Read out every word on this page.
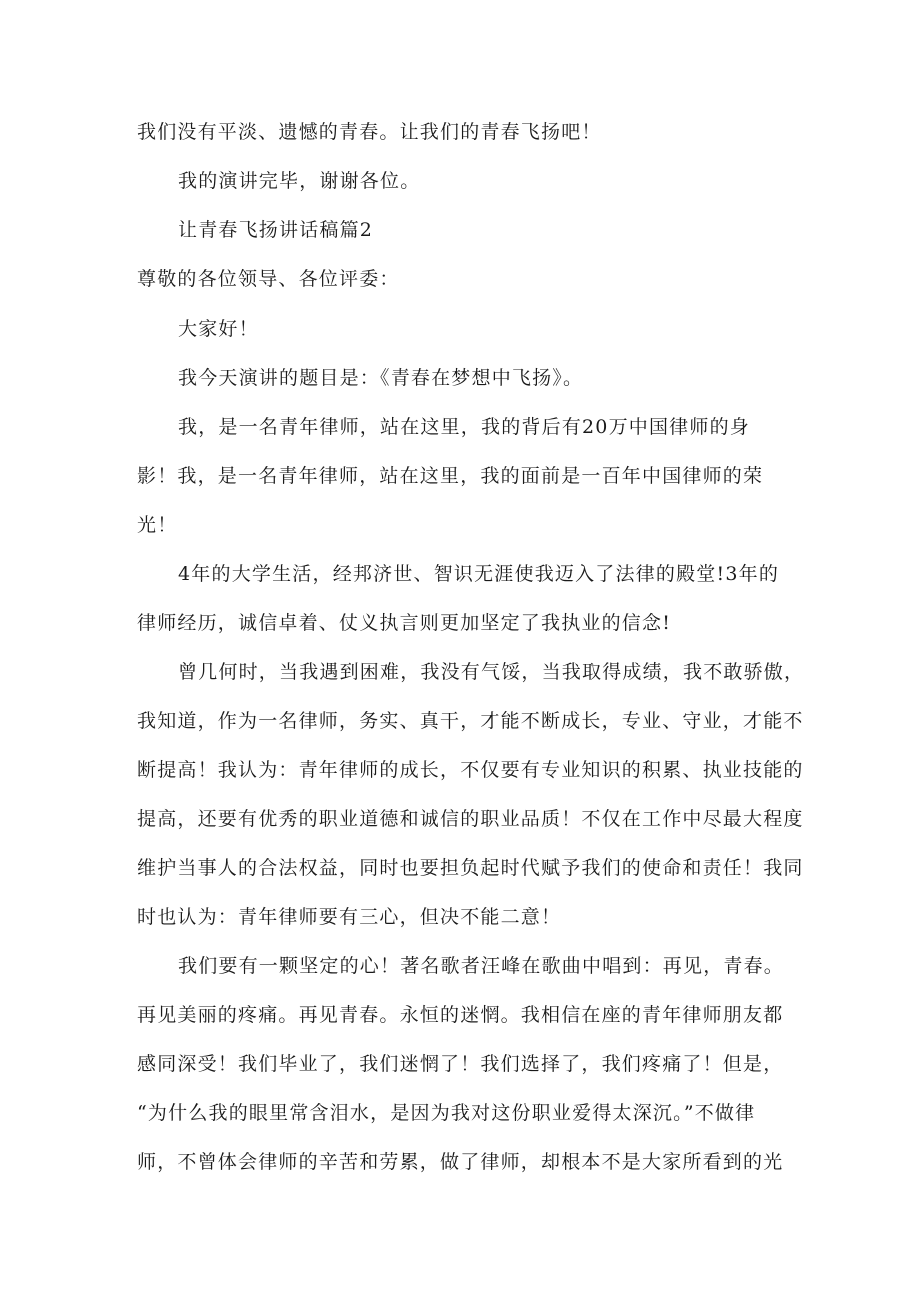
我们没有平淡、遗憾的青春。让我们的青春飞扬吧！
我的演讲完毕，谢谢各位。
让青春飞扬讲话稿篇2
尊敬的各位领导、各位评委：
大家好！
我今天演讲的题目是：《青春在梦想中飞扬》。
我，是一名青年律师，站在这里，我的背后有20万中国律师的身
影！我，是一名青年律师，站在这里，我的面前是一百年中国律师的荣
光！
4年的大学生活，经邦济世、智识无涯使我迈入了法律的殿堂!3年的
律师经历，诚信卓着、仗义执言则更加坚定了我执业的信念!
曾几何时，当我遇到困难，我没有气馁，当我取得成绩，我不敢骄傲，
我知道，作为一名律师，务实、真干，才能不断成长，专业、守业，才能不
断提高！我认为：青年律师的成长，不仅要有专业知识的积累、执业技能的
提高，还要有优秀的职业道德和诚信的职业品质！不仅在工作中尽最大程度
维护当事人的合法权益，同时也要担负起时代赋予我们的使命和责任！我同
时也认为：青年律师要有三心，但决不能二意！
我们要有一颗坚定的心！著名歌者汪峰在歌曲中唱到：再见，青春。
再见美丽的疼痛。再见青春。永恒的迷惘。我相信在座的青年律师朋友都
感同深受！我们毕业了，我们迷惘了！我们选择了，我们疼痛了！但是，
“为什么我的眼里常含泪水，是因为我对这份职业爱得太深沉。”不做律
师，不曾体会律师的辛苦和劳累，做了律师，却根本不是大家所看到的光
